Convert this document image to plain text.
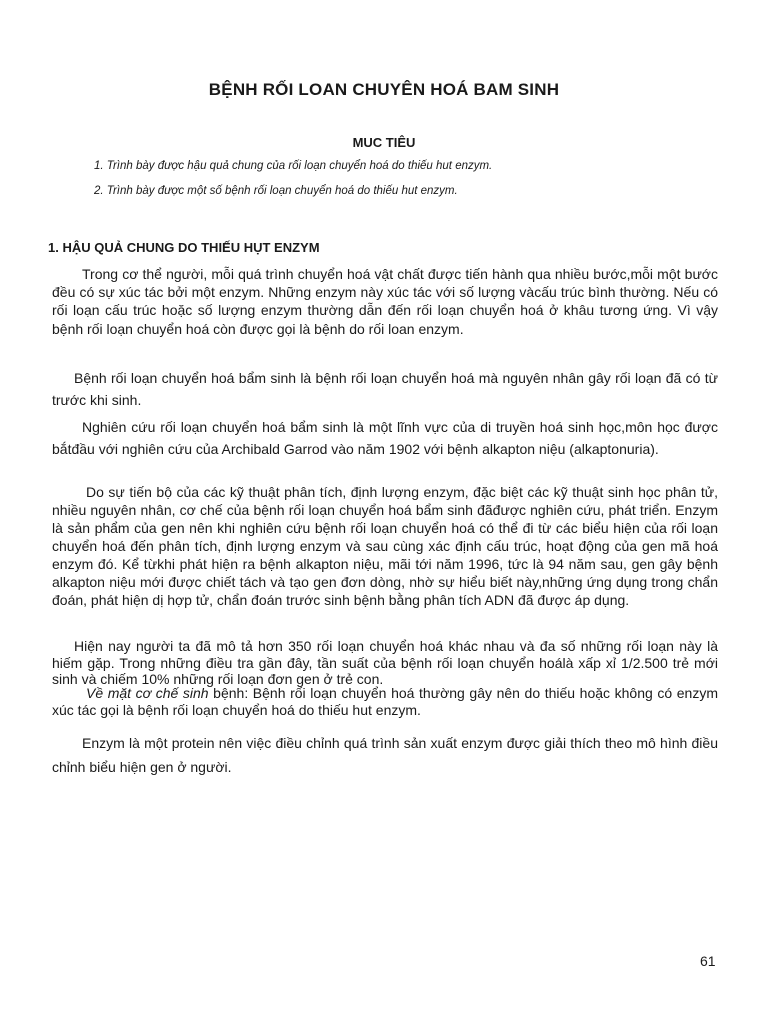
BỆNH RỐI LOAN CHUYÊN HOÁ BAM SINH
MUC TIÊU
1. Trình bày được hậu quả chung của rối loạn chuyển hoá do thiếu hut enzym.
2. Trình bày được một số bệnh rối loạn chuyển hoá do thiếu hut enzym.
1. HẬU QUẢ CHUNG DO THIẾU HỤT ENZYM
Trong cơ thể người, mỗi quá trình chuyển hoá vật chất được tiến hành qua nhiều bước,mỗi một bước đều có sự xúc tác bởi một enzym. Những enzym này xúc tác với số lượng vàcấu trúc bình thường. Nếu có rối loạn cấu trúc hoặc số lượng enzym thường dẫn đến rối loạn chuyển hoá ở khâu tương ứng. Vì vậy bệnh rối loạn chuyển hoá còn được gọi là bệnh do rối loan enzym.
Bệnh rối loạn chuyển hoá bẩm sinh là bệnh rối loạn chuyển hoá mà nguyên nhân gây rối loạn đã có từ trước khi sinh.
Nghiên cứu rối loạn chuyển hoá bẩm sinh là một lĩnh vực của di truyền hoá sinh học,môn học được bắtđầu với nghiên cứu của Archibald Garrod vào năm 1902 với bệnh alkapton niệu (alkaptonuria).
Do sự tiến bộ của các kỹ thuật phân tích, định lượng enzym, đặc biệt các kỹ thuật sinh học phân tử, nhiều nguyên nhân, cơ chế của bệnh rối loạn chuyển hoá bẩm sinh đãđược nghiên cứu, phát triển. Enzym là sản phẩm của gen nên khi nghiên cứu bệnh rối loạn chuyển hoá có thể đi từ các biểu hiện của rối loạn chuyển hoá đến phân tích, định lượng enzym và sau cùng xác định cấu trúc, hoạt động của gen mã hoá enzym đó. Kể từkhi phát hiện ra bệnh alkapton niệu, mãi tới năm 1996, tức là 94 năm sau, gen gây bệnh alkapton niệu mới được chiết tách và tạo gen đơn dòng, nhờ sự hiểu biết này,những ứng dụng trong chẩn đoán, phát hiện dị hợp tử, chẩn đoán trước sinh bệnh bằng phân tích ADN đã được áp dụng.
Hiện nay người ta đã mô tả hơn 350 rối loạn chuyển hoá khác nhau và đa số những rối loạn này là hiếm gặp. Trong những điều tra gần đây, tần suất của bệnh rối loạn chuyển hoálà xấp xỉ 1/2.500 trẻ mới sinh và chiếm 10% những rối loạn đơn gen ở trẻ con.
Về mặt cơ chế sinh bệnh: Bệnh rối loạn chuyển hoá thường gây nên do thiếu hoặc không có enzym xúc tác gọi là bệnh rối loạn chuyển hoá do thiếu hut enzym.
Enzym là một protein nên việc điều chỉnh quá trình sản xuất enzym được giải thích theo mô hình điều chỉnh biểu hiện gen ở người.
61
